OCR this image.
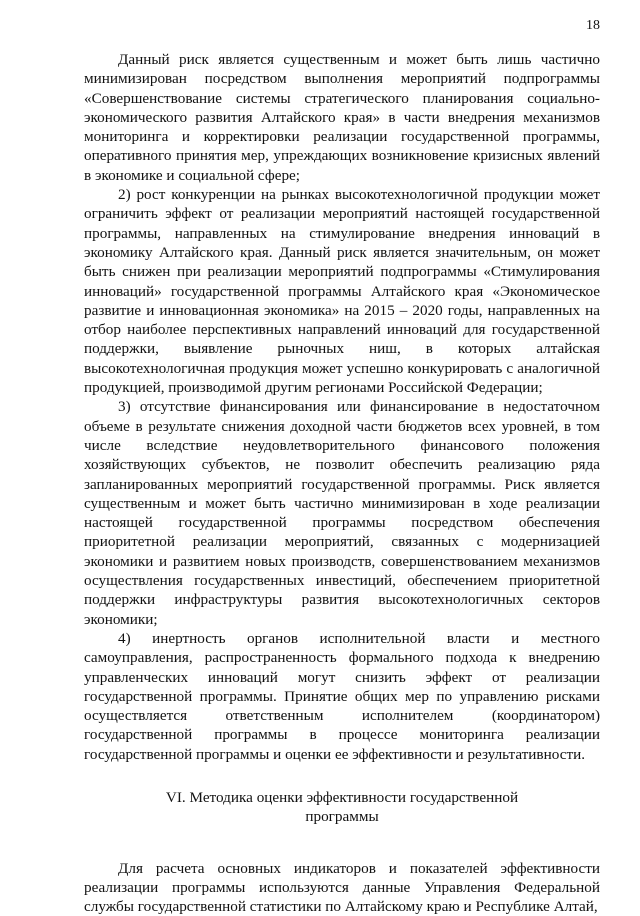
18

Данный риск является существенным и может быть лишь частично минимизирован посредством выполнения мероприятий подпрограммы «Совершенствование системы стратегического планирования социально-экономического развития Алтайского края» в части внедрения механизмов мониторинга и корректировки реализации государственной программы, оперативного принятия мер, упреждающих возникновение кризисных явлений в экономике и социальной сфере;

2) рост конкуренции на рынках высокотехнологичной продукции может ограничить эффект от реализации мероприятий настоящей государственной программы, направленных на стимулирование внедрения инноваций в экономику Алтайского края. Данный риск является значительным, он может быть снижен при реализации мероприятий подпрограммы «Стимулирования инноваций» государственной программы Алтайского края «Экономическое развитие и инновационная экономика» на 2015 – 2020 годы, направленных на отбор наиболее перспективных направлений инноваций для государственной поддержки, выявление рыночных ниш, в которых алтайская высокотехнологичная продукция может успешно конкурировать с аналогичной продукцией, производимой другим регионами Российской Федерации;

3) отсутствие финансирования или финансирование в недостаточном объеме в результате снижения доходной части бюджетов всех уровней, в том числе вследствие неудовлетворительного финансового положения хозяйствующих субъектов, не позволит обеспечить реализацию ряда запланированных мероприятий государственной программы. Риск является существенным и может быть частично минимизирован в ходе реализации настоящей государственной программы посредством обеспечения приоритетной реализации мероприятий, связанных с модернизацией экономики и развитием новых производств, совершенствованием механизмов осуществления государственных инвестиций, обеспечением приоритетной поддержки инфраструктуры развития высокотехнологичных секторов экономики;

4) инертность органов исполнительной власти и местного самоуправления, распространенность формального подхода к внедрению управленческих инноваций могут снизить эффект от реализации государственной программы. Принятие общих мер по управлению рисками осуществляется ответственным исполнителем (координатором) государственной программы в процессе мониторинга реализации государственной программы и оценки ее эффективности и результативности.

VI. Методика оценки эффективности государственной
программы

Для расчета основных индикаторов и показателей эффективности реализации программы используются данные Управления Федеральной службы государственной статистики по Алтайскому краю и Республике Алтай,
